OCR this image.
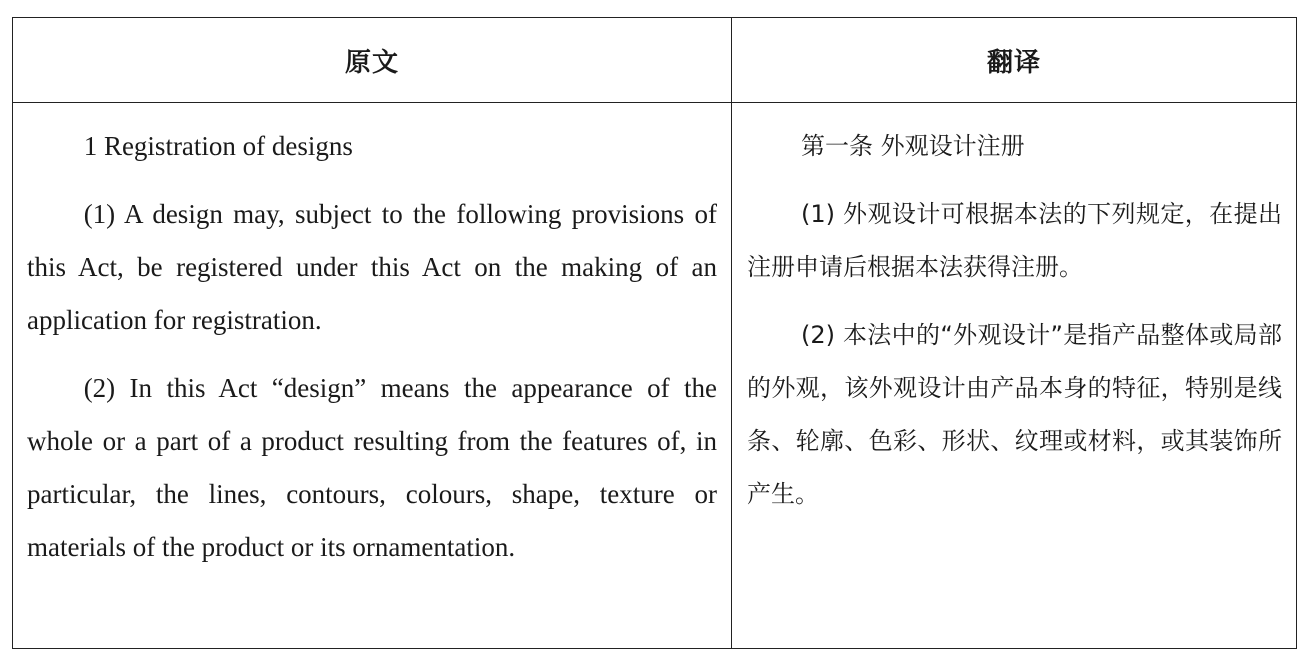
原文	翻译

1 Registration of designs

(1) A design may, subject to the following provisions of this Act, be registered under this Act on the making of an application for registration.

(2) In this Act “design” means the appearance of the whole or a part of a product resulting from the features of, in particular, the lines, contours, colours, shape, texture or materials of the product or its ornamentation.

第一条 外观设计注册

(1) 外观设计可根据本法的下列规定，在提出注册申请后根据本法获得注册。

(2) 本法中的“外观设计”是指产品整体或局部的外观，该外观设计由产品本身的特征，特别是线条、轮廓、色彩、形状、纹理或材料，或其装饰所产生。
